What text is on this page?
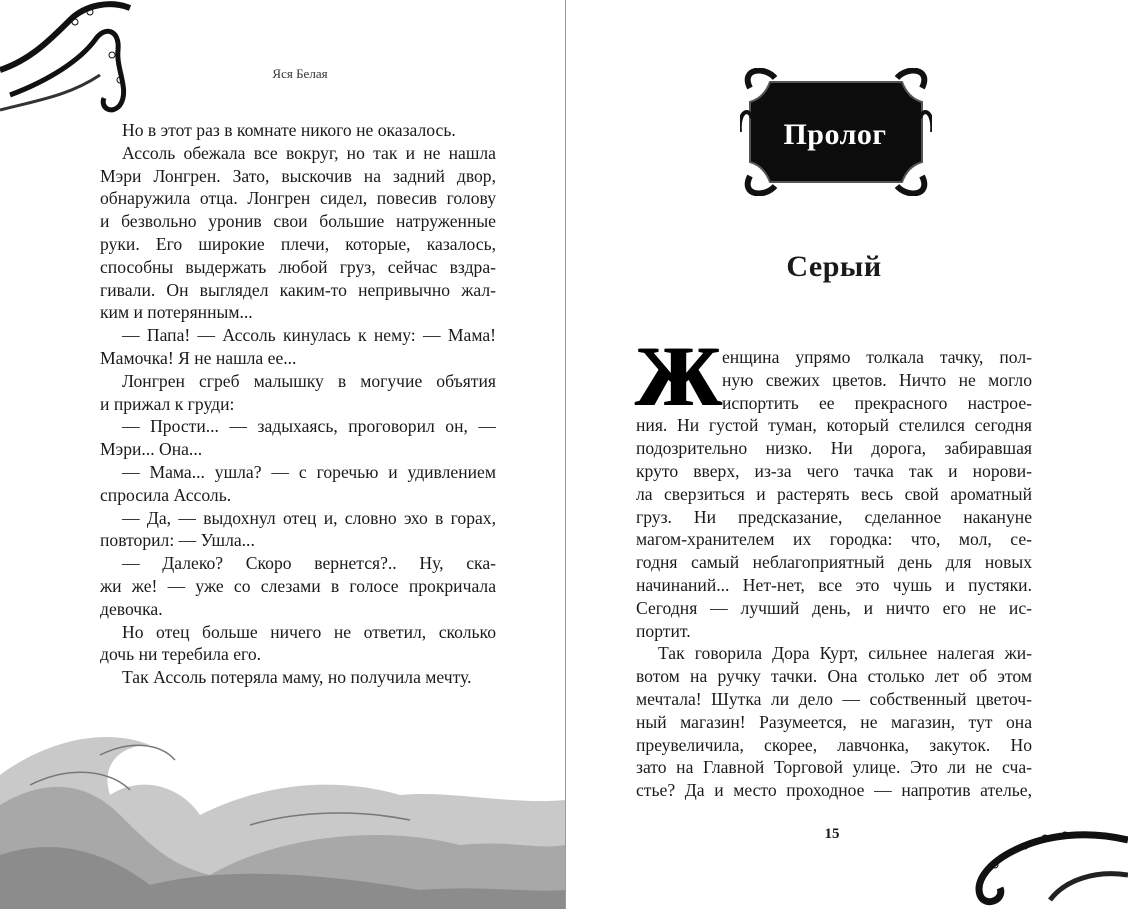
Яся Белая
Но в этот раз в комнате никого не оказалось.
Ассоль обежала все вокруг, но так и не нашла
Мэри Лонгрен. Зато, выскочив на задний двор,
обнаружила отца. Лонгрен сидел, повесив голову
и безвольно уронив свои большие натруженные
руки. Его широкие плечи, которые, казалось,
способны выдержать любой груз, сейчас вздра-
гивали. Он выглядел каким-то непривычно жал-
ким и потерянным...
— Папа! — Ассоль кинулась к нему: — Мама!
Мамочка! Я не нашла ее...
Лонгрен сгреб малышку в могучие объятия
и прижал к груди:
— Прости... — задыхаясь, проговорил он, —
Мэри... Она...
— Мама... ушла? — с горечью и удивлением
спросила Ассоль.
— Да, — выдохнул отец и, словно эхо в горах,
повторил: — Ушла...
— Далеко? Скоро вернется?.. Ну, ска-
жи же! — уже со слезами в голосе прокричала
девочка.
Но отец больше ничего не ответил, сколько
дочь ни теребила его.
Так Ассоль потеряла маму, но получила мечту.
Пролог
Серый
Ж енщина упрямо толкала тачку, пол-
ную свежих цветов. Ничто не могло
испортить ее прекрасного настрое-
ния. Ни густой туман, который стелился сегодня
подозрительно низко. Ни дорога, забиравшая
круто вверх, из-за чего тачка так и норови-
ла сверзиться и растерять весь свой ароматный
груз. Ни предсказание, сделанное накануне
магом-хранителем их городка: что, мол, се-
годня самый неблагоприятный день для новых
начинаний... Нет-нет, все это чушь и пустяки.
Сегодня — лучший день, и ничто его не ис-
портит.
Так говорила Дора Курт, сильнее налегая жи-
вотом на ручку тачки. Она столько лет об этом
мечтала! Шутка ли дело — собственный цветоч-
ный магазин! Разумеется, не магазин, тут она
преувеличила, скорее, лавчонка, закуток. Но
зато на Главной Торговой улице. Это ли не сча-
стье? Да и место проходное — напротив ателье,
15
